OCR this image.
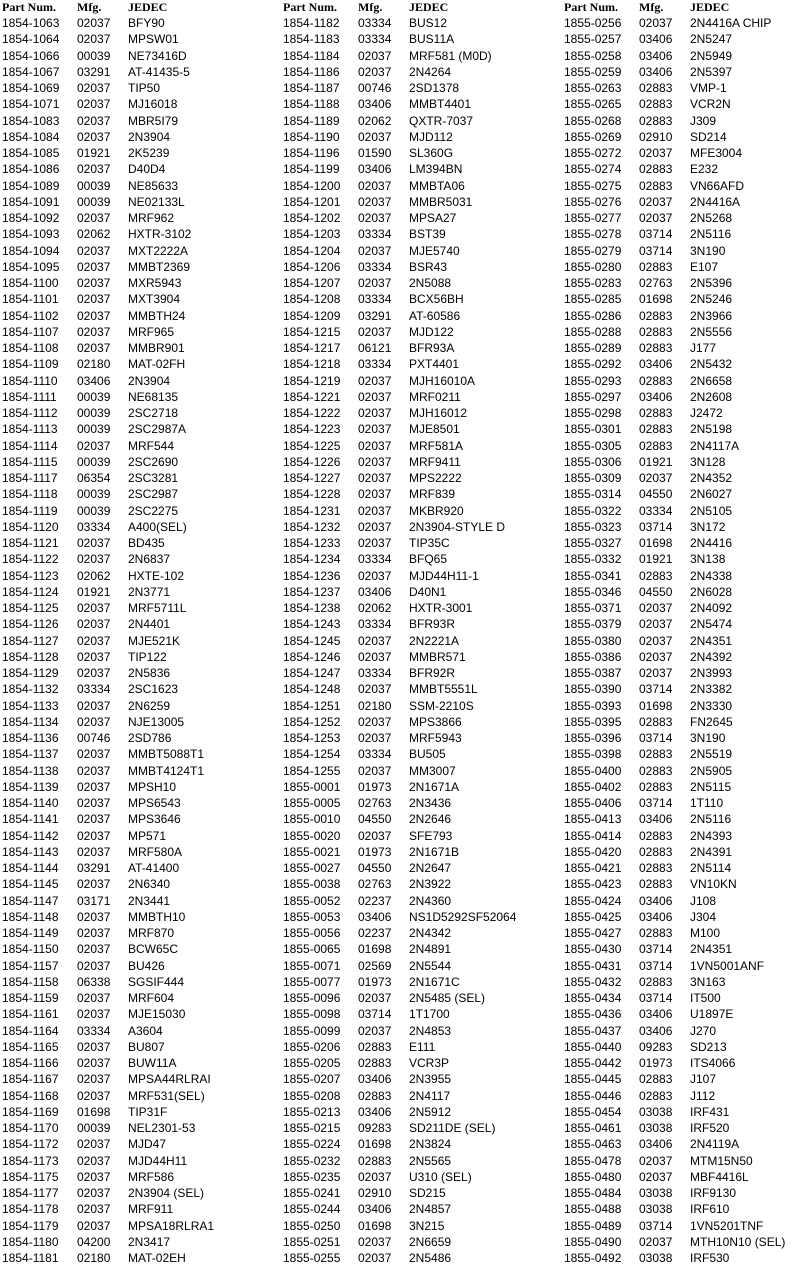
Part Num.	Mfg.	JEDEC
1854-1063	02037	BFY90
1854-1064	02037	MPSW01
1854-1066	00039	NE73416D
1854-1067	03291	AT-41435-5
1854-1069	02037	TIP50
1854-1071	02037	MJ16018
1854-1083	02037	MBR5I79
1854-1084	02037	2N3904
1854-1085	01921	2K5239
1854-1086	02037	D40D4
1854-1089	00039	NE85633
1854-1091	00039	NE02133L
1854-1092	02037	MRF962
1854-1093	02062	HXTR-3102
1854-1094	02037	MXT2222A
1854-1095	02037	MMBT2369
1854-1100	02037	MXR5943
1854-1101	02037	MXT3904
1854-1102	02037	MMBTH24
1854-1107	02037	MRF965
1854-1108	02037	MMBR901
1854-1109	02180	MAT-02FH
1854-1110	03406	2N3904
1854-1111	00039	NE68135
1854-1112	00039	2SC2718
1854-1113	00039	2SC2987A
1854-1114	02037	MRF544
1854-1115	00039	2SC2690
1854-1117	06354	2SC3281
1854-1118	00039	2SC2987
1854-1119	00039	2SC2275
1854-1120	03334	A400(SEL)
1854-1121	02037	BD435
1854-1122	02037	2N6837
1854-1123	02062	HXTE-102
1854-1124	01921	2N3771
1854-1125	02037	MRF5711L
1854-1126	02037	2N4401
1854-1127	02037	MJE521K
1854-1128	02037	TIP122
1854-1129	02037	2N5836
1854-1132	03334	2SC1623
1854-1133	02037	2N6259
1854-1134	02037	NJE13005
1854-1136	00746	2SD786
1854-1137	02037	MMBT5088T1
1854-1138	02037	MMBT4124T1
1854-1139	02037	MPSH10
1854-1140	02037	MPS6543
1854-1141	02037	MPS3646
1854-1142	02037	MP571
1854-1143	02037	MRF580A
1854-1144	03291	AT-41400
1854-1145	02037	2N6340
1854-1147	03171	2N3441
1854-1148	02037	MMBTH10
1854-1149	02037	MRF870
1854-1150	02037	BCW65C
1854-1157	02037	BU426
1854-1158	06338	SGSIF444
1854-1159	02037	MRF604
1854-1161	02037	MJE15030
1854-1164	03334	A3604
1854-1165	02037	BU807
1854-1166	02037	BUW11A
1854-1167	02037	MPSA44RLRAI
1854-1168	02037	MRF531(SEL)
1854-1169	01698	TIP31F
1854-1170	00039	NEL2301-53
1854-1172	02037	MJD47
1854-1173	02037	MJD44H11
1854-1175	02037	MRF586
1854-1177	02037	2N3904 (SEL)
1854-1178	02037	MRF911
1854-1179	02037	MPSA18RLRA1
1854-1180	04200	2N3417
1854-1181	02180	MAT-02EH
Part Num.	Mfg.	JEDEC
1854-1182	03334	BUS12
1854-1183	03334	BUS11A
1854-1184	02037	MRF581 (M0D)
1854-1186	02037	2N4264
1854-1187	00746	2SD1378
1854-1188	03406	MMBT4401
1854-1189	02062	QXTR-7037
1854-1190	02037	MJD112
1854-1196	01590	SL360G
1854-1199	03406	LM394BN
1854-1200	02037	MMBTA06
1854-1201	02037	MMBR5031
1854-1202	02037	MPSA27
1854-1203	03334	BST39
1854-1204	02037	MJE5740
1854-1206	03334	BSR43
1854-1207	02037	2N5088
1854-1208	03334	BCX56BH
1854-1209	03291	AT-60586
1854-1215	02037	MJD122
1854-1217	06121	BFR93A
1854-1218	03334	PXT4401
1854-1219	02037	MJH16010A
1854-1221	02037	MRF0211
1854-1222	02037	MJH16012
1854-1223	02037	MJE8501
1854-1225	02037	MRF581A
1854-1226	02037	MRF9411
1854-1227	02037	MPS2222
1854-1228	02037	MRF839
1854-1231	02037	MKBR920
1854-1232	02037	2N3904-STYLE D
1854-1233	02037	TIP35C
1854-1234	03334	BFQ65
1854-1236	02037	MJD44H11-1
1854-1237	03406	D40N1
1854-1238	02062	HXTR-3001
1854-1243	03334	BFR93R
1854-1245	02037	2N2221A
1854-1246	02037	MMBR571
1854-1247	03334	BFR92R
1854-1248	02037	MMBT5551L
1854-1251	02180	SSM-2210S
1854-1252	02037	MPS3866
1854-1253	02037	MRF5943
1854-1254	03334	BU505
1854-1255	02037	MM3007
1855-0001	01973	2N1671A
1855-0005	02763	2N3436
1855-0010	04550	2N2646
1855-0020	02037	SFE793
1855-0021	01973	2N1671B
1855-0027	04550	2N2647
1855-0038	02763	2N3922
1855-0052	02237	2N4360
1855-0053	03406	NS1D5292SF52064
1855-0056	02237	2N4342
1855-0065	01698	2N4891
1855-0071	02569	2N5544
1855-0077	01973	2N1671C
1855-0096	02037	2N5485 (SEL)
1855-0098	03714	1T1700
1855-0099	02037	2N4853
1855-0206	02883	E111
1855-0205	02883	VCR3P
1855-0207	03406	2N3955
1855-0208	02883	2N4117
1855-0213	03406	2N5912
1855-0215	09283	SD211DE (SEL)
1855-0224	01698	2N3824
1855-0232	02883	2N5565
1855-0235	02037	U310 (SEL)
1855-0241	02910	SD215
1855-0244	03406	2N4857
1855-0250	01698	3N215
1855-0251	02037	2N6659
1855-0255	02037	2N5486
Part Num.	Mfg.	JEDEC
1855-0256	02037	2N4416A CHIP
1855-0257	03406	2N5247
1855-0258	03406	2N5949
1855-0259	03406	2N5397
1855-0263	02883	VMP-1
1855-0265	02883	VCR2N
1855-0268	02883	J309
1855-0269	02910	SD214
1855-0272	02037	MFE3004
1855-0274	02883	E232
1855-0275	02883	VN66AFD
1855-0276	02037	2N4416A
1855-0277	02037	2N5268
1855-0278	03714	2N5116
1855-0279	03714	3N190
1855-0280	02883	E107
1855-0283	02763	2N5396
1855-0285	01698	2N5246
1855-0286	02883	2N3966
1855-0288	02883	2N5556
1855-0289	02883	J177
1855-0292	03406	2N5432
1855-0293	02883	2N6658
1855-0297	03406	2N2608
1855-0298	02883	J2472
1855-0301	02883	2N5198
1855-0305	02883	2N4117A
1855-0306	01921	3N128
1855-0309	02037	2N4352
1855-0314	04550	2N6027
1855-0322	03334	2N5105
1855-0323	03714	3N172
1855-0327	01698	2N4416
1855-0332	01921	3N138
1855-0341	02883	2N4338
1855-0346	04550	2N6028
1855-0371	02037	2N4092
1855-0379	02037	2N5474
1855-0380	02037	2N4351
1855-0386	02037	2N4392
1855-0387	02037	2N3993
1855-0390	03714	2N3382
1855-0393	01698	2N3330
1855-0395	02883	FN2645
1855-0396	03714	3N190
1855-0398	02883	2N5519
1855-0400	02883	2N5905
1855-0402	02883	2N5115
1855-0406	03714	1T110
1855-0413	03406	2N5116
1855-0414	02883	2N4393
1855-0420	02883	2N4391
1855-0421	02883	2N5114
1855-0423	02883	VN10KN
1855-0424	03406	J108
1855-0425	03406	J304
1855-0427	02883	M100
1855-0430	03714	2N4351
1855-0431	03714	1VN5001ANF
1855-0432	02883	3N163
1855-0434	03714	IT500
1855-0436	03406	U1897E
1855-0437	03406	J270
1855-0440	09283	SD213
1855-0442	01973	ITS4066
1855-0445	02883	J107
1855-0446	02883	J112
1855-0454	03038	IRF431
1855-0461	03038	IRF520
1855-0463	03406	2N4119A
1855-0478	02037	MTM15N50
1855-0480	02037	MBF4416L
1855-0484	03038	IRF9130
1855-0488	03038	IRF610
1855-0489	03714	1VN5201TNF
1855-0490	02037	MTH10N10 (SEL)
1855-0492	03038	IRF530
